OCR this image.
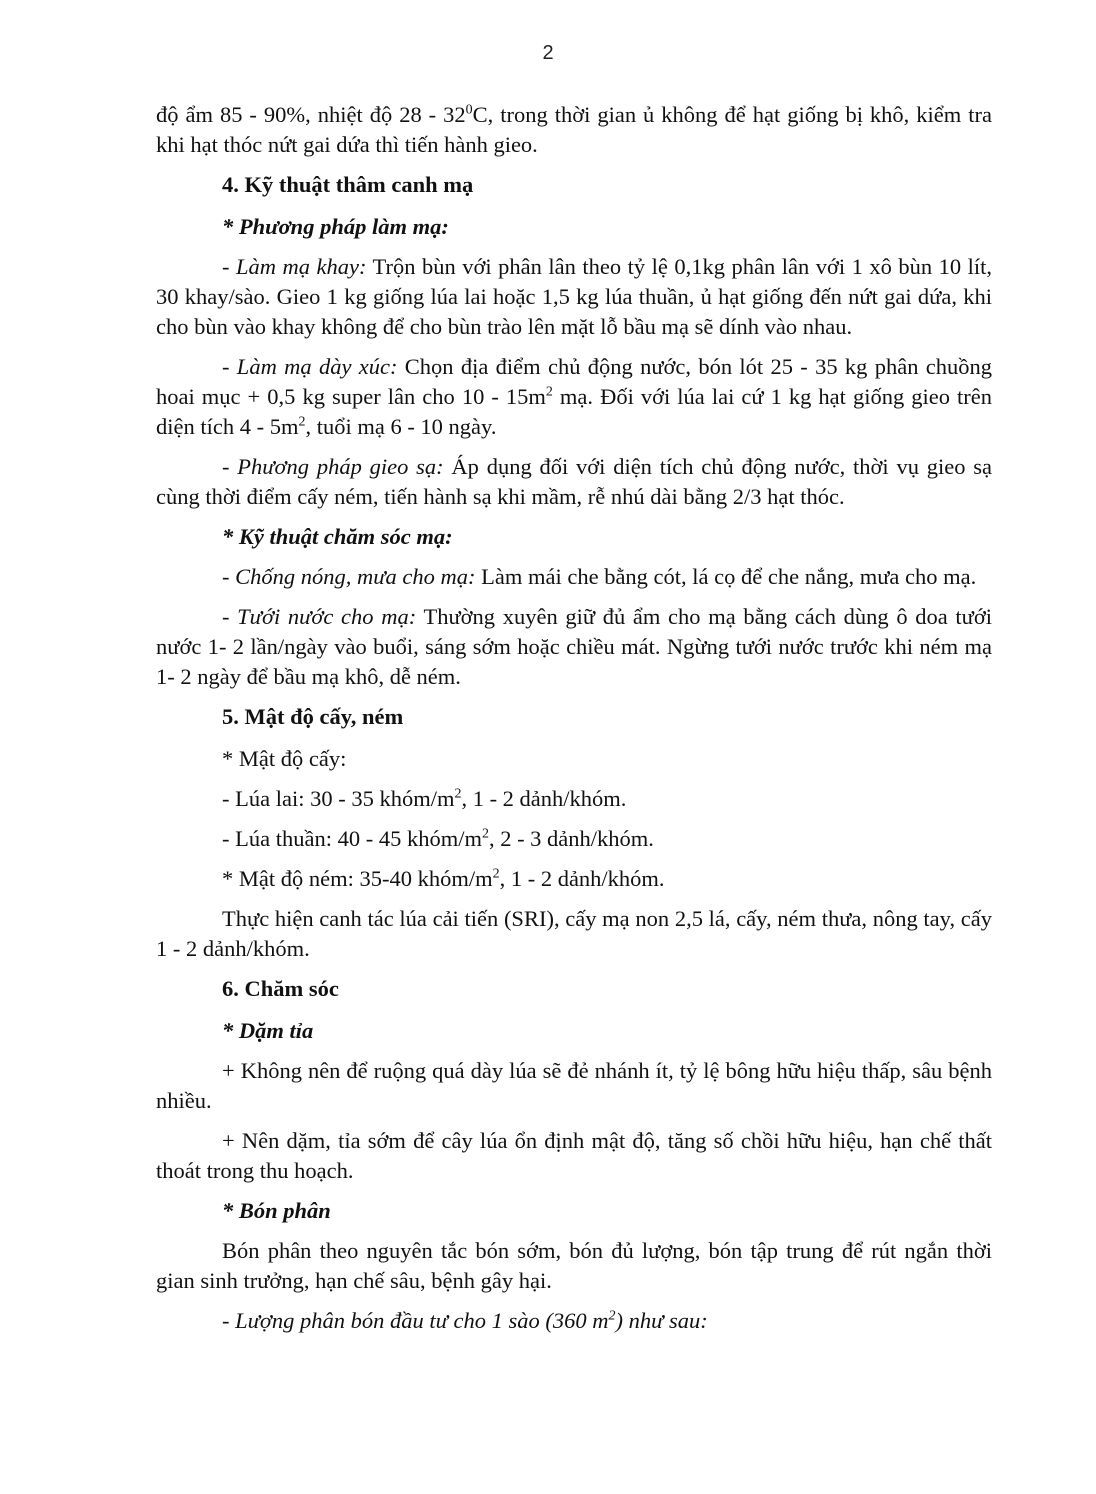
2

độ ẩm 85 - 90%, nhiệt độ $28 - 32^0C$, trong thời gian ủ không để hạt giống bị khô, kiểm tra khi hạt thóc nứt gai dứa thì tiến hành gieo.

4. Kỹ thuật thâm canh mạ

* Phương pháp làm mạ:

- Làm mạ khay: Trộn bùn với phân lân theo tỷ lệ 0,1kg phân lân với 1 xô bùn 10 lít, 30 khay/sào. Gieo 1 kg giống lúa lai hoặc 1,5 kg lúa thuần, ủ hạt giống đến nứt gai dứa, khi cho bùn vào khay không để cho bùn trào lên mặt lỗ bầu mạ sẽ dính vào nhau.

- Làm mạ dày xúc: Chọn địa điểm chủ động nước, bón lót 25 - 35 kg phân chuồng hoai mục + 0,5 kg super lân cho $10 - 15m^2$ mạ. Đối với lúa lai cứ 1 kg hạt giống gieo trên diện tích $4 - 5m^2$, tuổi mạ 6 - 10 ngày.

- Phương pháp gieo sạ: Áp dụng đối với diện tích chủ động nước, thời vụ gieo sạ cùng thời điểm cấy ném, tiến hành sạ khi mầm, rễ nhú dài bằng 2/3 hạt thóc.

* Kỹ thuật chăm sóc mạ:

- Chống nóng, mưa cho mạ: Làm mái che bằng cót, lá cọ để che nắng, mưa cho mạ.

- Tưới nước cho mạ: Thường xuyên giữ đủ ẩm cho mạ bằng cách dùng ô doa tưới nước 1- 2 lần/ngày vào buổi, sáng sớm hoặc chiều mát. Ngừng tưới nước trước khi ném mạ 1- 2 ngày để bầu mạ khô, dễ ném.

5. Mật độ cấy, ném

* Mật độ cấy:

- Lúa lai: 30 - 35 khóm/$m^2$, 1 - 2 dảnh/khóm.

- Lúa thuần: 40 - 45 khóm/$m^2$, 2 - 3 dảnh/khóm.

* Mật độ ném: 35-40 khóm/$m^2$, 1 - 2 dảnh/khóm.

Thực hiện canh tác lúa cải tiến (SRI), cấy mạ non 2,5 lá, cấy, ném thưa, nông tay, cấy 1 - 2 dảnh/khóm.

6. Chăm sóc

* Dặm tỉa

+ Không nên để ruộng quá dày lúa sẽ đẻ nhánh ít, tỷ lệ bông hữu hiệu thấp, sâu bệnh nhiều.

+ Nên dặm, tỉa sớm để cây lúa ổn định mật độ, tăng số chồi hữu hiệu, hạn chế thất thoát trong thu hoạch.

* Bón phân

Bón phân theo nguyên tắc bón sớm, bón đủ lượng, bón tập trung để rút ngắn thời gian sinh trưởng, hạn chế sâu, bệnh gây hại.

- Lượng phân bón đầu tư cho 1 sào (360 $m^2$) như sau:
